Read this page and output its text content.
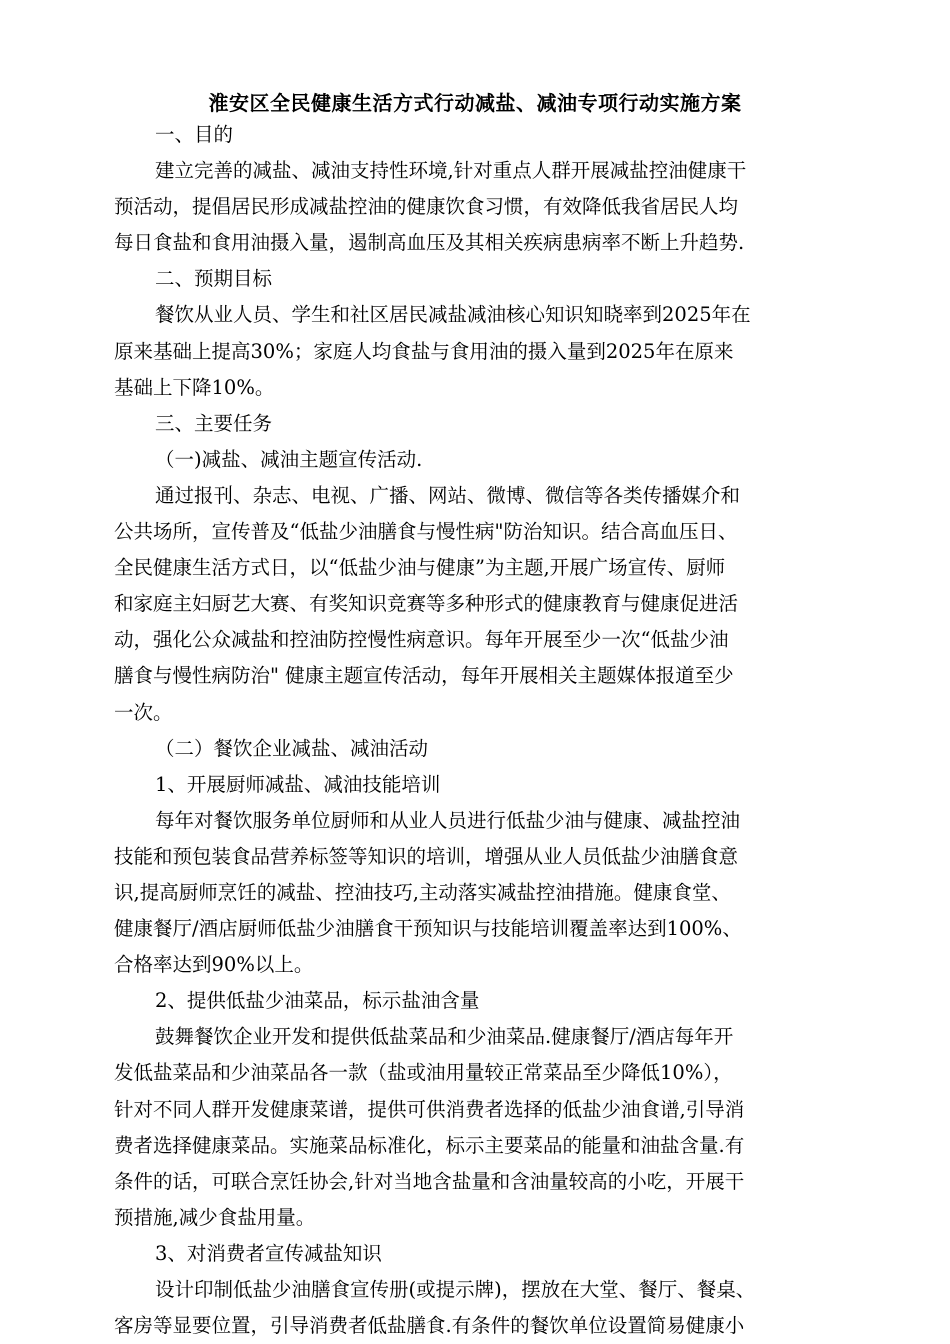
淮安区全民健康生活方式行动减盐、减油专项行动实施方案
一、目的
建立完善的减盐、减油支持性环境,针对重点人群开展减盐控油健康干
预活动，提倡居民形成减盐控油的健康饮食习惯，有效降低我省居民人均
每日食盐和食用油摄入量，遏制高血压及其相关疾病患病率不断上升趋势.
二、预期目标
餐饮从业人员、学生和社区居民减盐减油核心知识知晓率到2025年在
原来基础上提高30%；家庭人均食盐与食用油的摄入量到2025年在原来
基础上下降10%。
三、主要任务
（一)减盐、减油主题宣传活动.
通过报刊、杂志、电视、广播、网站、微博、微信等各类传播媒介和
公共场所，宣传普及“低盐少油膳食与慢性病"防治知识。结合高血压日、
全民健康生活方式日，以“低盐少油与健康”为主题,开展广场宣传、厨师
和家庭主妇厨艺大赛、有奖知识竞赛等多种形式的健康教育与健康促进活
动，强化公众减盐和控油防控慢性病意识。每年开展至少一次“低盐少油
膳食与慢性病防治" 健康主题宣传活动，每年开展相关主题媒体报道至少
一次。
（二）餐饮企业减盐、减油活动
1、开展厨师减盐、减油技能培训
每年对餐饮服务单位厨师和从业人员进行低盐少油与健康、减盐控油
技能和预包装食品营养标签等知识的培训，增强从业人员低盐少油膳食意
识,提高厨师烹饪的减盐、控油技巧,主动落实减盐控油措施。健康食堂、
健康餐厅/酒店厨师低盐少油膳食干预知识与技能培训覆盖率达到100%、
合格率达到90%以上。
2、提供低盐少油菜品，标示盐油含量
鼓舞餐饮企业开发和提供低盐菜品和少油菜品.健康餐厅/酒店每年开
发低盐菜品和少油菜品各一款（盐或油用量较正常菜品至少降低10%），
针对不同人群开发健康菜谱，提供可供消费者选择的低盐少油食谱,引导消
费者选择健康菜品。实施菜品标准化，标示主要菜品的能量和油盐含量.有
条件的话，可联合烹饪协会,针对当地含盐量和含油量较高的小吃，开展干
预措施,减少食盐用量。
3、对消费者宣传减盐知识
设计印制低盐少油膳食宣传册(或提示牌)，摆放在大堂、餐厅、餐桌、
客房等显要位置，引导消费者低盐膳食.有条件的餐饮单位设置简易健康小
